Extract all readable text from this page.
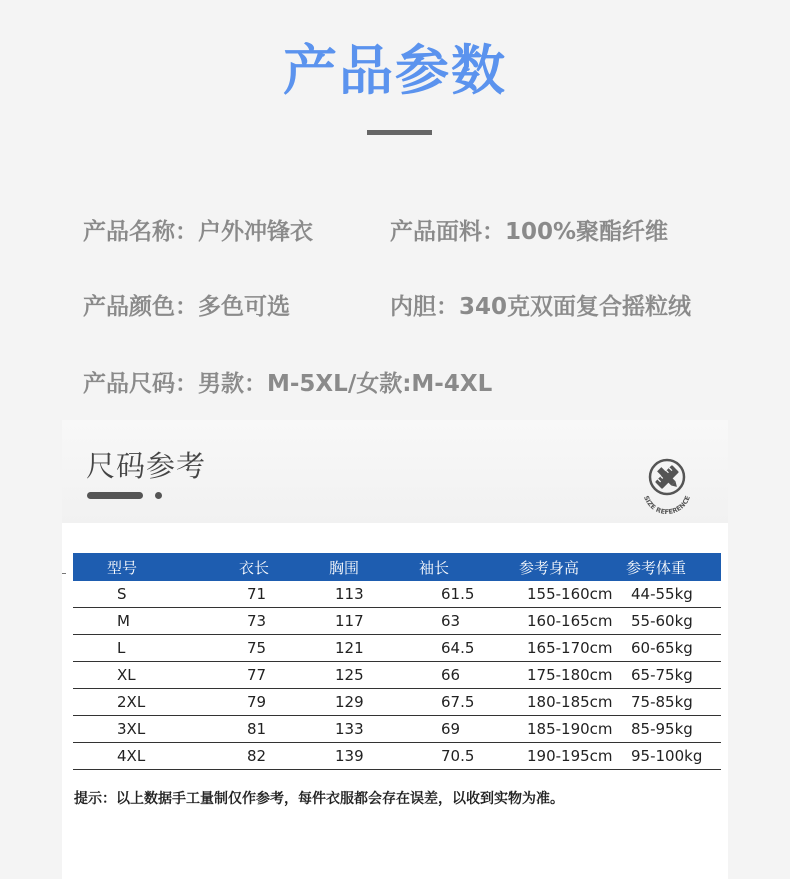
产品参数
产品名称：户外冲锋衣	产品面料：100%聚酯纤维
产品颜色：多色可选	内胆：340克双面复合摇粒绒
产品尺码：男款：M-5XL/女款:M-4XL
尺码参考
SIZE REFERENCE
型号	衣长	胸围	袖长	参考身高	参考体重
S	71	113	61.5	155-160cm	44-55kg
M	73	117	63	160-165cm	55-60kg
L	75	121	64.5	165-170cm	60-65kg
XL	77	125	66	175-180cm	65-75kg
2XL	79	129	67.5	180-185cm	75-85kg
3XL	81	133	69	185-190cm	85-95kg
4XL	82	139	70.5	190-195cm	95-100kg
提示：以上数据手工量制仅作参考，每件衣服都会存在误差，以收到实物为准。
